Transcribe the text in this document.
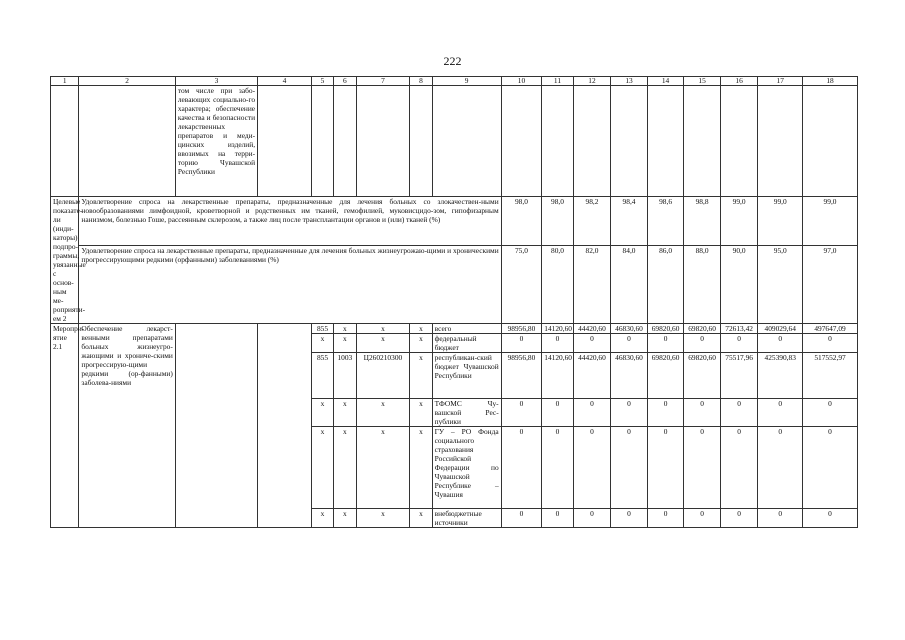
222
1	2	3	4	5	6	7	8	9	10	11	12	13	14	15	16	17	18
		том числе при забо-левающих социально-го характера; обеспечение качества и безопасности лекарственных препаратов и меди-цинских изделий, ввозимых на терри-торию Чувашской Республики															
Целевые показате-ли (инди-каторы) подпро-граммы, увязанные с основ-ным ме-роприяти-ем 2	Удовлетворение спроса на лекарственные препараты, предназначенные для лечения больных со злокачествен-ными новообразованиями лимфоидной, кроветворной и родственных им тканей, гемофилией, муковисцидо-зом, гипофизарным нанизмом, болезнью Гоше, рассеянным склерозом, а также лиц после трансплантации органов и (или) тканей (%)								98,0	98,0	98,2	98,4	98,6	98,8	99,0	99,0	99,0
	Удовлетворение спроса на лекарственные препараты, предназначенные для лечения больных жизнеугрожаю-щими и хроническими прогрессирующими редкими (орфанными) заболеваниями (%)								75,0	80,0	82,0	84,0	86,0	88,0	90,0	95,0	97,0
Меропри-ятие 2.1	Обеспечение лекарст-венными препаратами больных жизнеугро-жающими и хрониче-скими прогрессирую-щими редкими (ор-фанными) заболева-ниями			855	х	х	х	всего	98956,80	14120,60	44420,60	46830,60	69820,60	69820,60	72613,42	409029,64	497647,09
				х	х	х	х	федеральный бюджет	0	0	0	0	0	0	0	0	0
				855	1003	Ц260210300	х	республикан-ский бюджет Чувашской Республики	98956,80	14120,60	44420,60	46830,60	69820,60	69820,60	75517,96	425390,83	517552,97
				х	х	х	х	ТФОМС Чу-вашской Рес-публики	0	0	0	0	0	0	0	0	0
				х	х	х	х	ГУ – РО Фонда социального страхования Российской Федерации по Чувашской Республике – Чувашия	0	0	0	0	0	0	0	0	0
				х	х	х	х	внебюджетные источники	0	0	0	0	0	0	0	0	0
